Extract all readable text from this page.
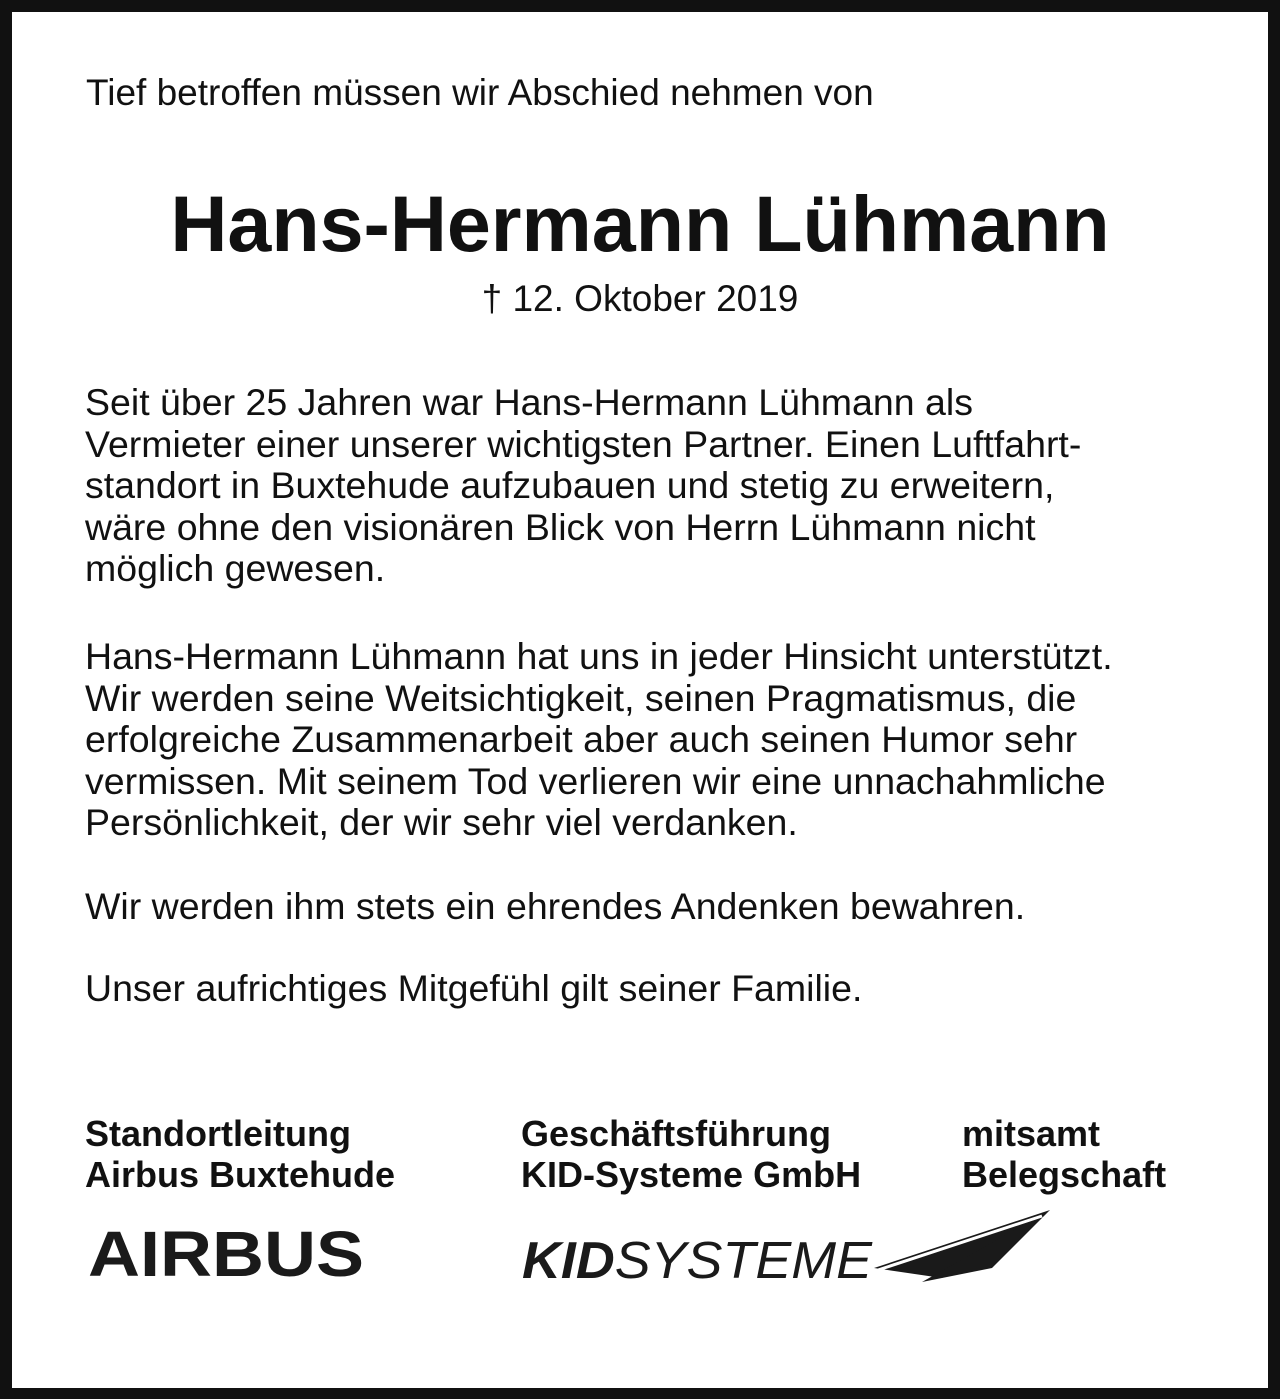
Tief betroffen müssen wir Abschied nehmen von
Hans-Hermann Lühmann
† 12. Oktober 2019

Seit über 25 Jahren war Hans-Hermann Lühmann als
Vermieter einer unserer wichtigsten Partner. Einen Luftfahrt-
standort in Buxtehude aufzubauen und stetig zu erweitern,
wäre ohne den visionären Blick von Herrn Lühmann nicht
möglich gewesen.

Hans-Hermann Lühmann hat uns in jeder Hinsicht unterstützt.
Wir werden seine Weitsichtigkeit, seinen Pragmatismus, die
erfolgreiche Zusammenarbeit aber auch seinen Humor sehr
vermissen. Mit seinem Tod verlieren wir eine unnachahmliche
Persönlichkeit, der wir sehr viel verdanken.

Wir werden ihm stets ein ehrendes Andenken bewahren.

Unser aufrichtiges Mitgefühl gilt seiner Familie.

Standortleitung
Airbus Buxtehude
Geschäftsführung
KID-Systeme GmbH
mitsamt
Belegschaft
AIRBUS	KIDSYSTEME
